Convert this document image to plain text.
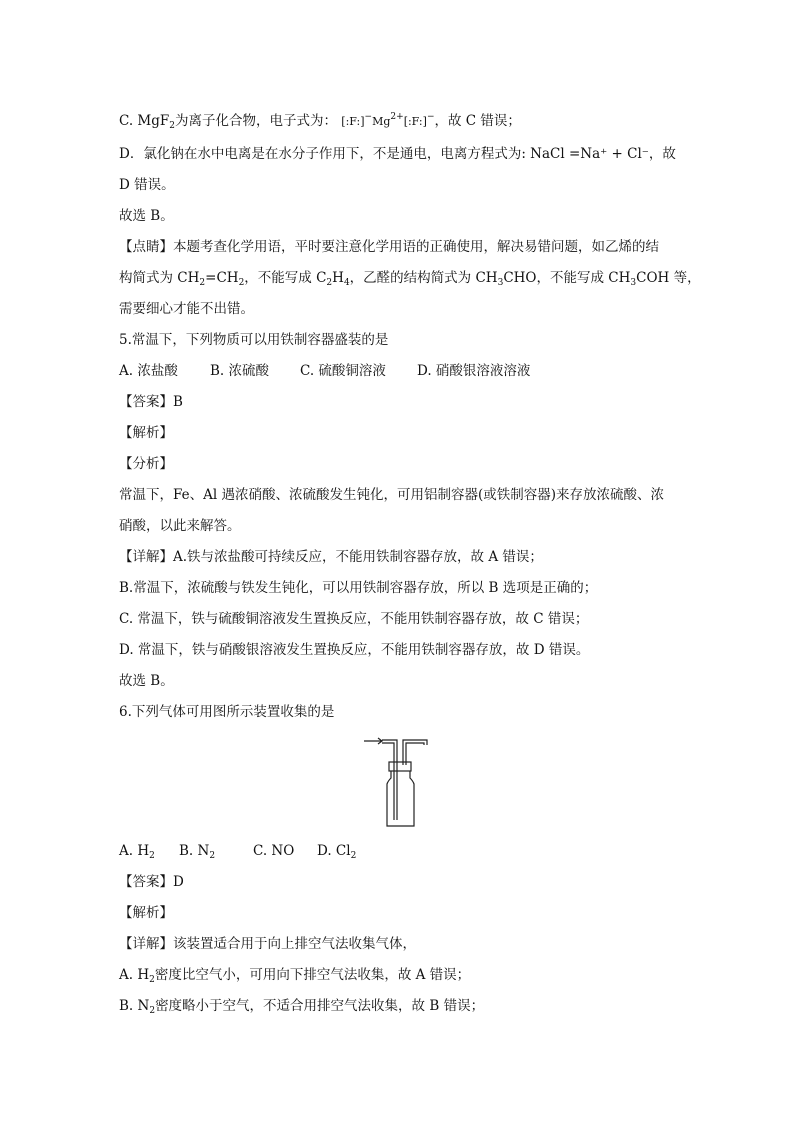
C. MgF$_2$为离子化合物，电子式为： $[:F:]^-Mg^{2+}[:F:]^-$，故 C 错误；
D．氯化钠在水中电离是在水分子作用下，不是通电，电离方程式为: NaCl =Na⁺ + Cl⁻，故
D 错误。
故选 B。
【点睛】本题考查化学用语，平时要注意化学用语的正确使用，解决易错问题，如乙烯的结
构简式为 $CH_2=CH_2$，不能写成 $C_2H_4$，乙醛的结构简式为 $CH_3CHO$，不能写成 $CH_3COH$ 等，
需要细心才能不出错。
5.常温下，下列物质可以用铁制容器盛装的是
A. 浓盐酸 B. 浓硫酸 C. 硫酸铜溶液 D. 硝酸银溶液溶液
【答案】B
【解析】
【分析】
常温下，Fe、Al 遇浓硝酸、浓硫酸发生钝化，可用铝制容器(或铁制容器)来存放浓硫酸、浓
硝酸，以此来解答。
【详解】A.铁与浓盐酸可持续反应，不能用铁制容器存放，故 A 错误；
B.常温下，浓硫酸与铁发生钝化，可以用铁制容器存放，所以 B 选项是正确的；
C. 常温下，铁与硫酸铜溶液发生置换反应，不能用铁制容器存放，故 C 错误；
D. 常温下，铁与硝酸银溶液发生置换反应，不能用铁制容器存放，故 D 错误。
故选 B。
6.下列气体可用图所示装置收集的是
A. $H_2$ B. $N_2$	C. NO D. $Cl_2$
【答案】D
【解析】
【详解】该装置适合用于向上排空气法收集气体，
A. $H_2$密度比空气小，可用向下排空气法收集，故 A 错误；
B. $N_2$密度略小于空气，不适合用排空气法收集，故 B 错误；
